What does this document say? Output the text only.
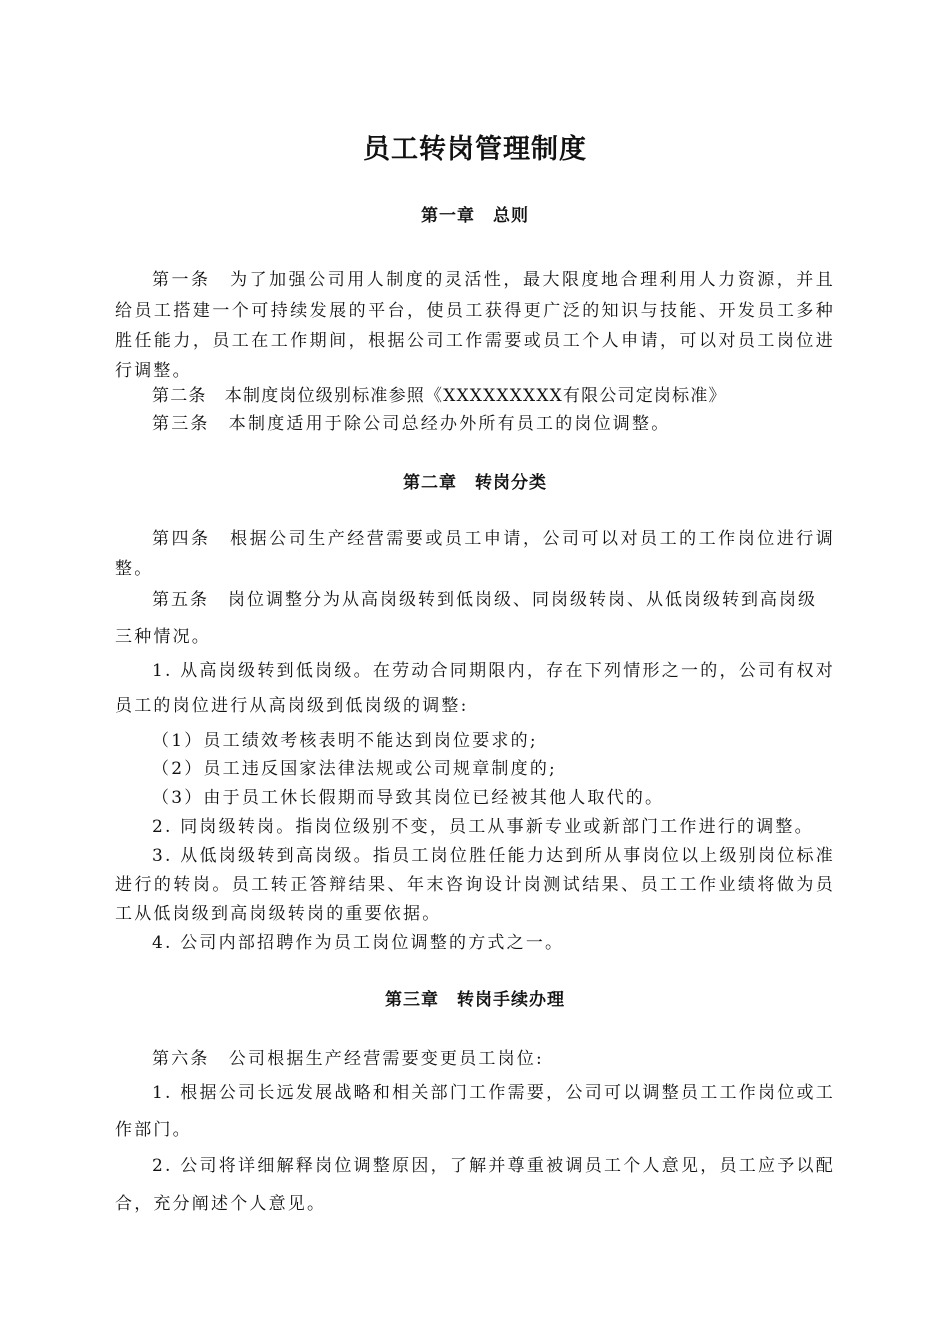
员工转岗管理制度
第一章　总则
第一条　为了加强公司用人制度的灵活性，最大限度地合理利用人力资源，并且
给员工搭建一个可持续发展的平台，使员工获得更广泛的知识与技能、开发员工多种
胜任能力，员工在工作期间，根据公司工作需要或员工个人申请，可以对员工岗位进
行调整。
第二条　本制度岗位级别标准参照《XXXXXXXXX有限公司定岗标准》
第三条　本制度适用于除公司总经办外所有员工的岗位调整。
第二章　转岗分类
第四条　根据公司生产经营需要或员工申请，公司可以对员工的工作岗位进行调
整。
第五条　岗位调整分为从高岗级转到低岗级、同岗级转岗、从低岗级转到高岗级
三种情况。
1. 从高岗级转到低岗级。在劳动合同期限内，存在下列情形之一的，公司有权对
员工的岗位进行从高岗级到低岗级的调整:
（1）员工绩效考核表明不能达到岗位要求的;
（2）员工违反国家法律法规或公司规章制度的;
（3）由于员工休长假期而导致其岗位已经被其他人取代的。
2. 同岗级转岗。指岗位级别不变，员工从事新专业或新部门工作进行的调整。
3. 从低岗级转到高岗级。指员工岗位胜任能力达到所从事岗位以上级别岗位标准
进行的转岗。员工转正答辩结果、年末咨询设计岗测试结果、员工工作业绩将做为员
工从低岗级到高岗级转岗的重要依据。
4. 公司内部招聘作为员工岗位调整的方式之一。
第三章　转岗手续办理
第六条　公司根据生产经营需要变更员工岗位:
1. 根据公司长远发展战略和相关部门工作需要，公司可以调整员工工作岗位或工
作部门。
2. 公司将详细解释岗位调整原因，了解并尊重被调员工个人意见，员工应予以配
合，充分阐述个人意见。
